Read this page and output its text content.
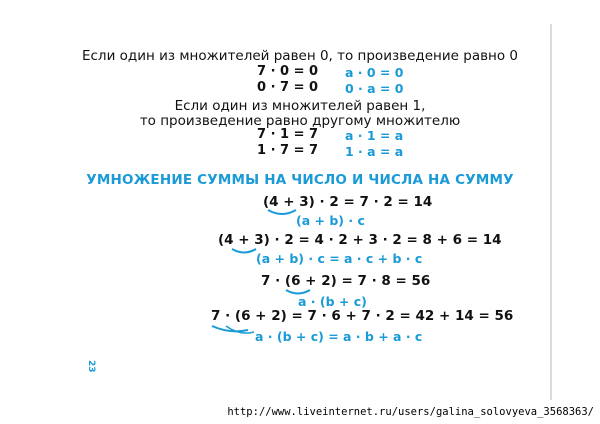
Если один из множителей равен 0, то произведение равно 0
7 · 0 = 0
0 · 7 = 0
a · 0 = 0
0 · a = 0
Если один из множителей равен 1,
то произведение равно другому множителю
7 · 1 = 7
1 · 7 = 7
a · 1 = a
1 · a = a
УМНОЖЕНИЕ СУММЫ НА ЧИСЛО И ЧИСЛА НА СУММУ
(4 + 3) · 2 = 7 · 2 = 14
(a + b) · c
(4 + 3) · 2 = 4 · 2 + 3 · 2 = 8 + 6 = 14
(a + b) · c = a · c + b · c
7 · (6 + 2) = 7 · 8 = 56
a · (b + c)
7 · (6 + 2) = 7 · 6 + 7 · 2 = 42 + 14 = 56
a · (b + c) = a · b + a · c
23
http://www.liveinternet.ru/users/galina_solovyeva_3568363/
